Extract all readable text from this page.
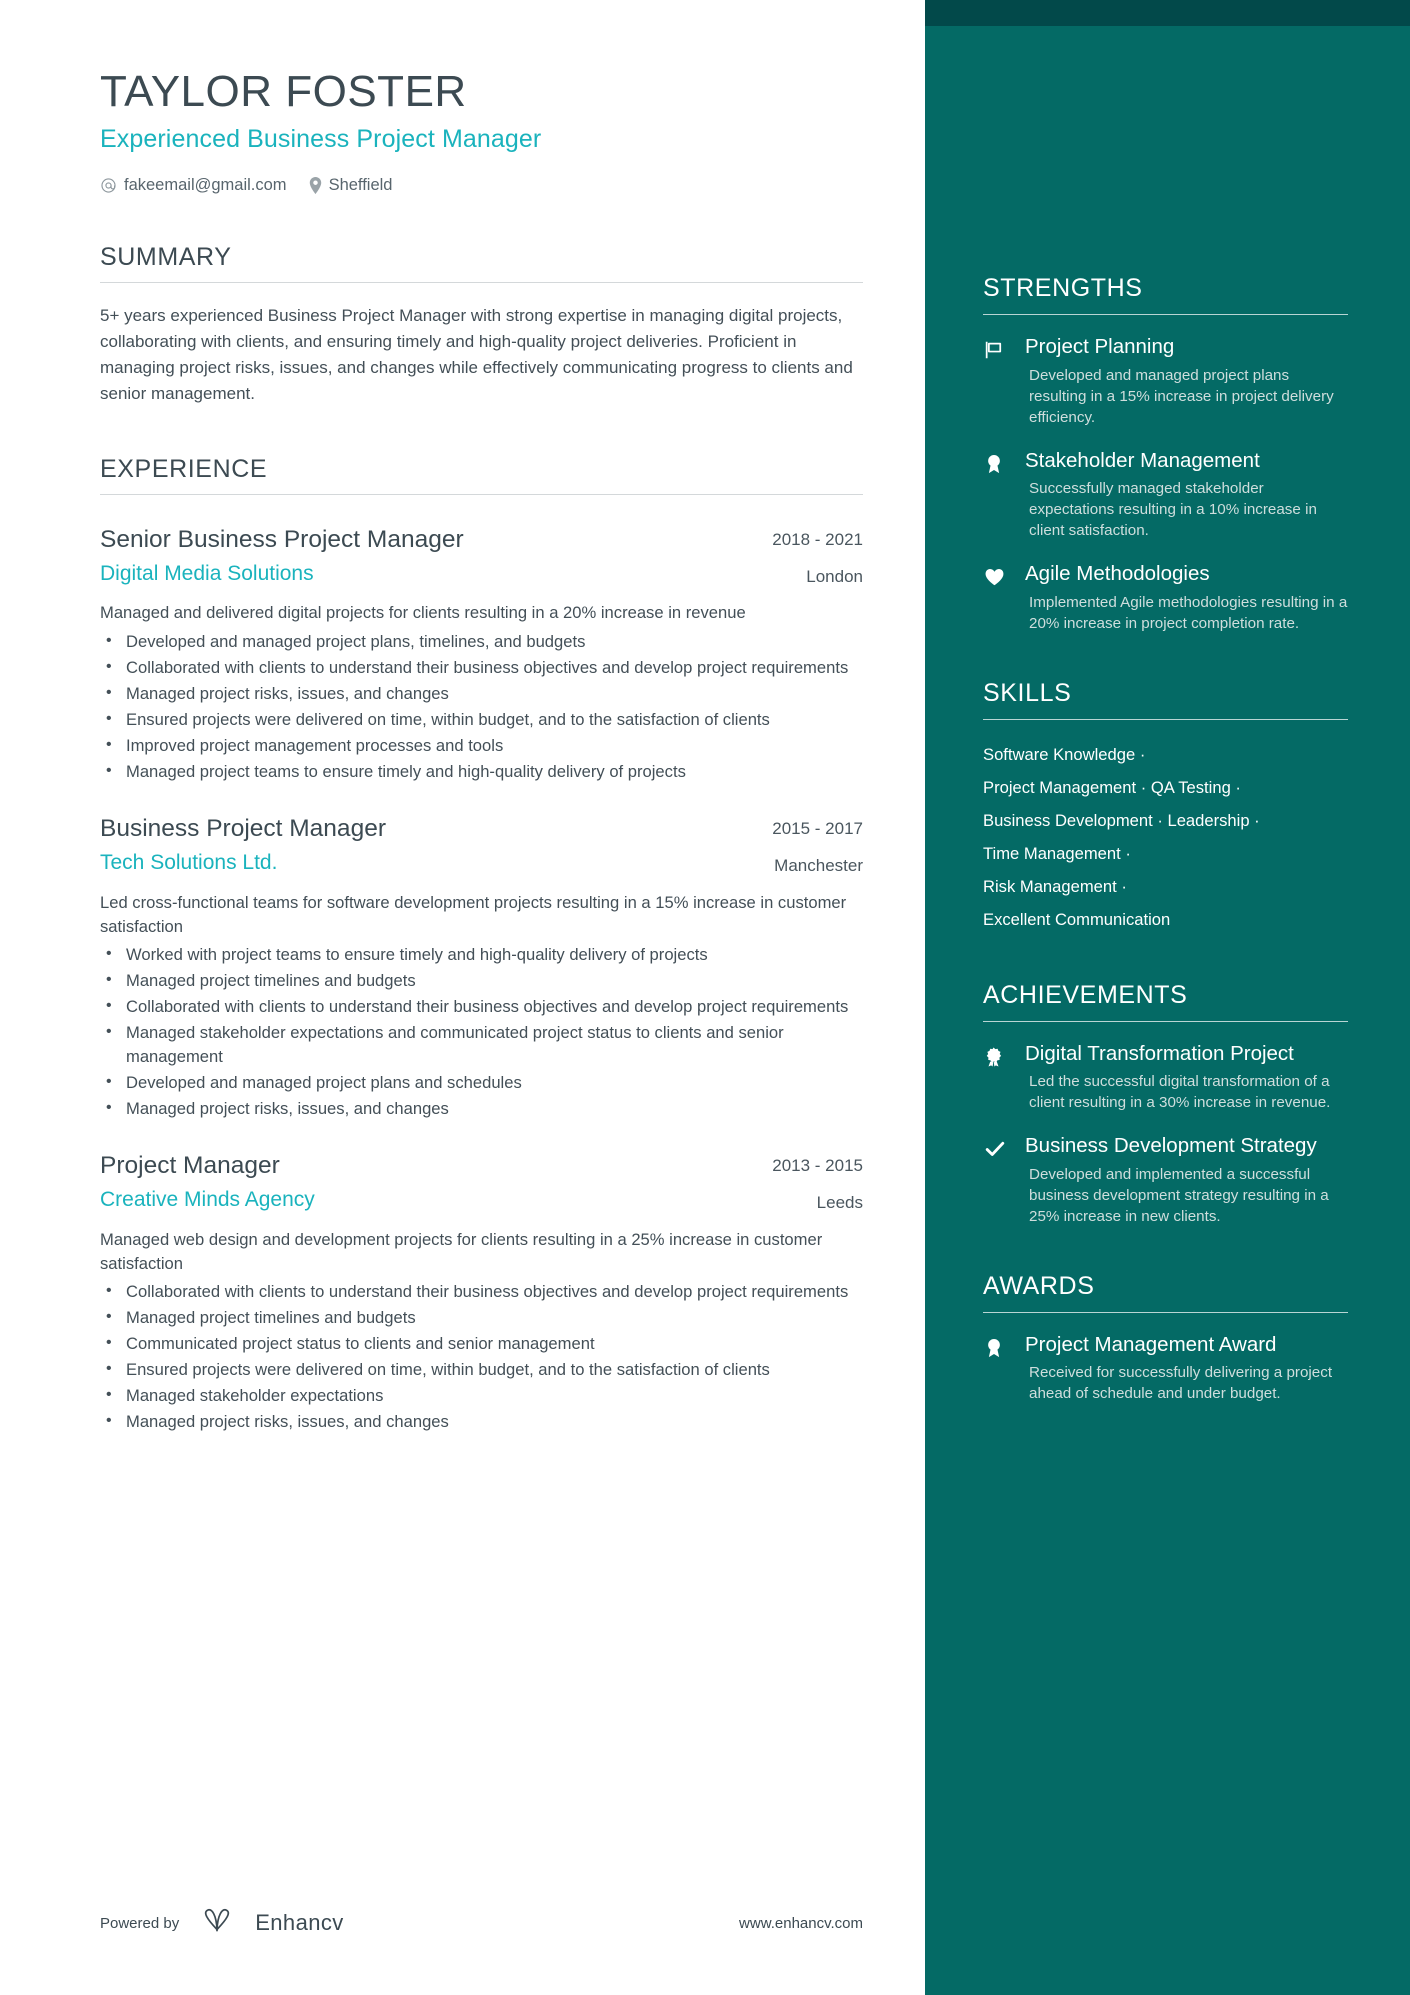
TAYLOR FOSTER
Experienced Business Project Manager
fakeemail@gmail.com	Sheffield
SUMMARY
5+ years experienced Business Project Manager with strong expertise in managing digital projects, collaborating with clients, and ensuring timely and high-quality project deliveries. Proficient in managing project risks, issues, and changes while effectively communicating progress to clients and senior management.
EXPERIENCE
Senior Business Project Manager
Digital Media Solutions
2018 - 2021
London
Managed and delivered digital projects for clients resulting in a 20% increase in revenue
• Developed and managed project plans, timelines, and budgets
• Collaborated with clients to understand their business objectives and develop project requirements
• Managed project risks, issues, and changes
• Ensured projects were delivered on time, within budget, and to the satisfaction of clients
• Improved project management processes and tools
• Managed project teams to ensure timely and high-quality delivery of projects
Business Project Manager
Tech Solutions Ltd.
2015 - 2017
Manchester
Led cross-functional teams for software development projects resulting in a 15% increase in customer satisfaction
• Worked with project teams to ensure timely and high-quality delivery of projects
• Managed project timelines and budgets
• Collaborated with clients to understand their business objectives and develop project requirements
• Managed stakeholder expectations and communicated project status to clients and senior management
• Developed and managed project plans and schedules
• Managed project risks, issues, and changes
Project Manager
Creative Minds Agency
2013 - 2015
Leeds
Managed web design and development projects for clients resulting in a 25% increase in customer satisfaction
• Collaborated with clients to understand their business objectives and develop project requirements
• Managed project timelines and budgets
• Communicated project status to clients and senior management
• Ensured projects were delivered on time, within budget, and to the satisfaction of clients
• Managed stakeholder expectations
• Managed project risks, issues, and changes
Powered by	Enhancv	www.enhancv.com
STRENGTHS
Project Planning
Developed and managed project plans resulting in a 15% increase in project delivery efficiency.
Stakeholder Management
Successfully managed stakeholder expectations resulting in a 10% increase in client satisfaction.
Agile Methodologies
Implemented Agile methodologies resulting in a 20% increase in project completion rate.
SKILLS
Software Knowledge ·
Project Management · QA Testing ·
Business Development · Leadership ·
Time Management ·
Risk Management ·
Excellent Communication
ACHIEVEMENTS
Digital Transformation Project
Led the successful digital transformation of a client resulting in a 30% increase in revenue.
Business Development Strategy
Developed and implemented a successful business development strategy resulting in a 25% increase in new clients.
AWARDS
Project Management Award
Received for successfully delivering a project ahead of schedule and under budget.
